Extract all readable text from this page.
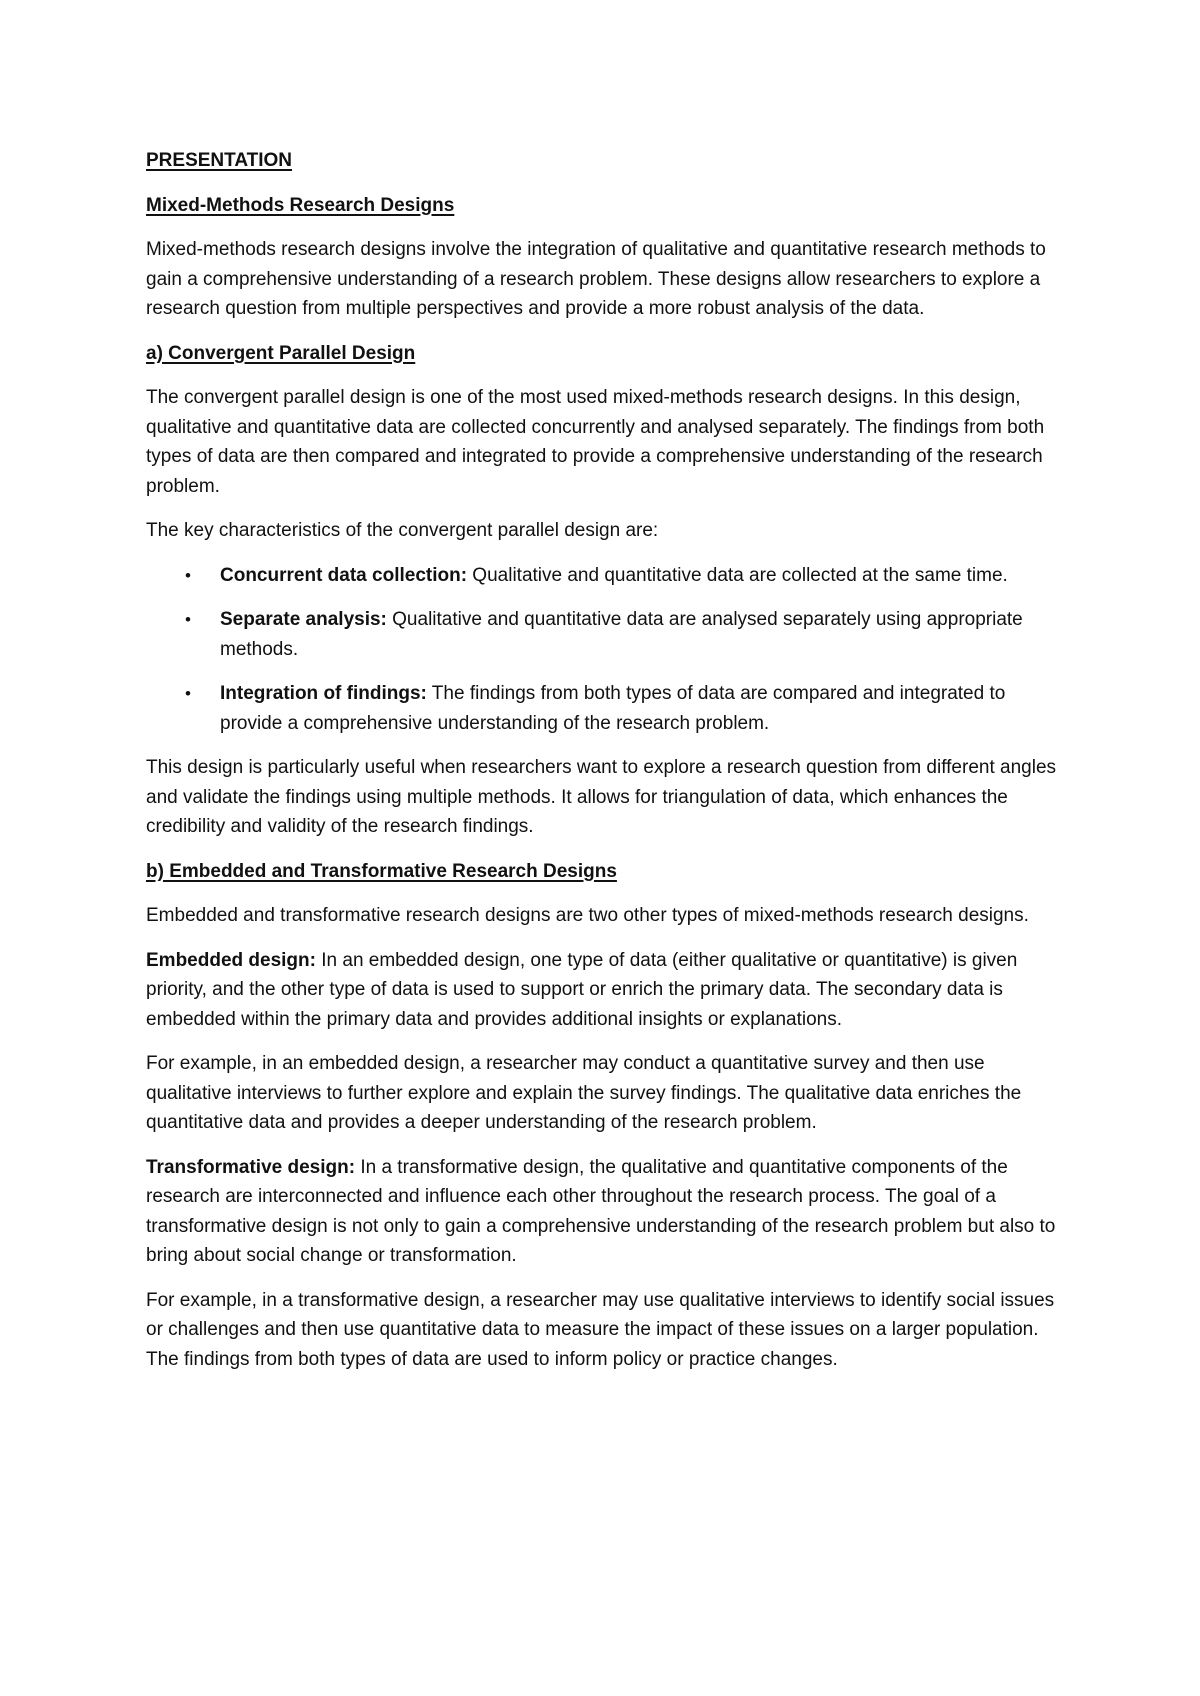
PRESENTATION

Mixed-Methods Research Designs

Mixed-methods research designs involve the integration of qualitative and quantitative research methods to gain a comprehensive understanding of a research problem. These designs allow researchers to explore a research question from multiple perspectives and provide a more robust analysis of the data.

a) Convergent Parallel Design

The convergent parallel design is one of the most used mixed-methods research designs. In this design, qualitative and quantitative data are collected concurrently and analysed separately. The findings from both types of data are then compared and integrated to provide a comprehensive understanding of the research problem.

The key characteristics of the convergent parallel design are:

• Concurrent data collection: Qualitative and quantitative data are collected at the same time.
• Separate analysis: Qualitative and quantitative data are analysed separately using appropriate methods.
• Integration of findings: The findings from both types of data are compared and integrated to provide a comprehensive understanding of the research problem.

This design is particularly useful when researchers want to explore a research question from different angles and validate the findings using multiple methods. It allows for triangulation of data, which enhances the credibility and validity of the research findings.

b) Embedded and Transformative Research Designs

Embedded and transformative research designs are two other types of mixed-methods research designs.

Embedded design: In an embedded design, one type of data (either qualitative or quantitative) is given priority, and the other type of data is used to support or enrich the primary data. The secondary data is embedded within the primary data and provides additional insights or explanations.

For example, in an embedded design, a researcher may conduct a quantitative survey and then use qualitative interviews to further explore and explain the survey findings. The qualitative data enriches the quantitative data and provides a deeper understanding of the research problem.

Transformative design: In a transformative design, the qualitative and quantitative components of the research are interconnected and influence each other throughout the research process. The goal of a transformative design is not only to gain a comprehensive understanding of the research problem but also to bring about social change or transformation.

For example, in a transformative design, a researcher may use qualitative interviews to identify social issues or challenges and then use quantitative data to measure the impact of these issues on a larger population. The findings from both types of data are used to inform policy or practice changes.
